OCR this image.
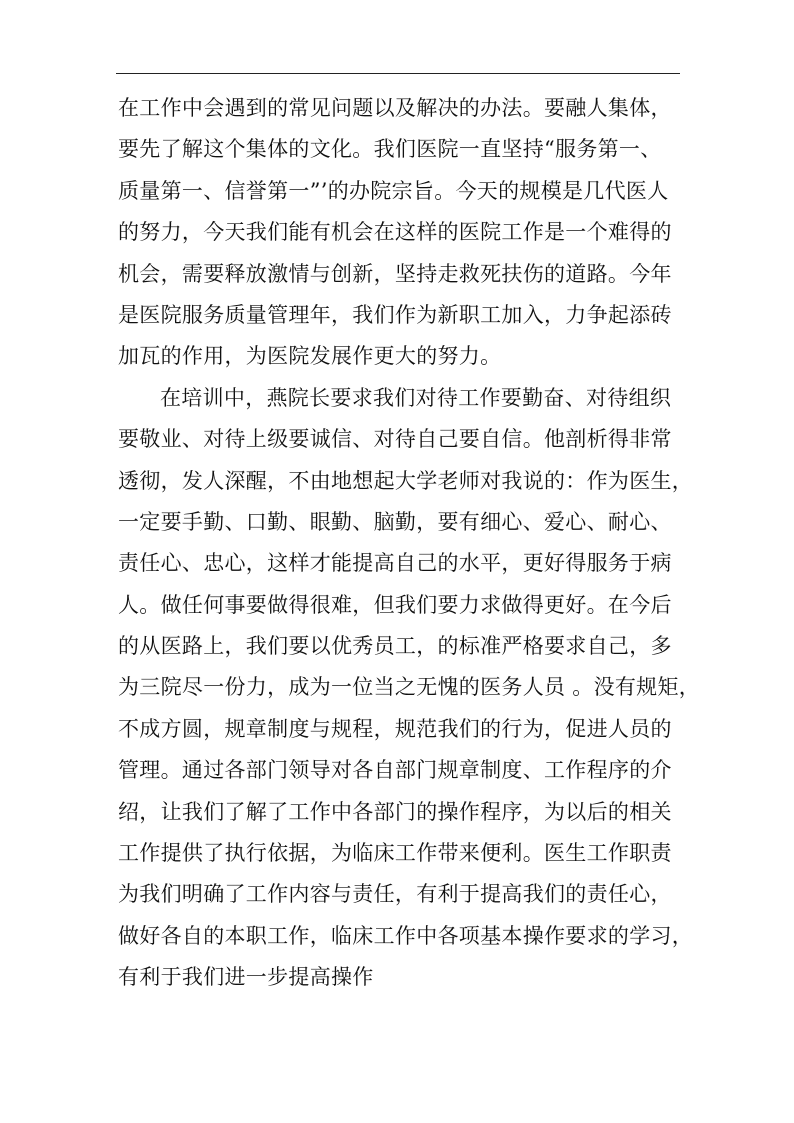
在工作中会遇到的常见问题以及解决的办法。要融人集体，
要先了解这个集体的文化。我们医院一直坚持“服务第一、
质量第一、信誉第一”’的办院宗旨。今天的规模是几代医人
的努力，今天我们能有机会在这样的医院工作是一个难得的
机会，需要释放激情与创新，坚持走救死扶伤的道路。今年
是医院服务质量管理年，我们作为新职工加入，力争起添砖
加瓦的作用，为医院发展作更大的努力。
在培训中，燕院长要求我们对待工作要勤奋、对待组织
要敬业、对待上级要诚信、对待自己要自信。他剖析得非常
透彻，发人深醒，不由地想起大学老师对我说的：作为医生，
一定要手勤、口勤、眼勤、脑勤，要有细心、爱心、耐心、
责任心、忠心，这样才能提高自己的水平，更好得服务于病
人。做任何事要做得很难，但我们要力求做得更好。在今后
的从医路上，我们要以优秀员工，的标准严格要求自己，多
为三院尽一份力，成为一位当之无愧的医务人员 。没有规矩，
不成方圆，规章制度与规程，规范我们的行为，促进人员的
管理。通过各部门领导对各自部门规章制度、工作程序的介
绍，让我们了解了工作中各部门的操作程序，为以后的相关
工作提供了执行依据，为临床工作带来便利。医生工作职责
为我们明确了工作内容与责任，有利于提高我们的责任心，
做好各自的本职工作，临床工作中各项基本操作要求的学习，
有利于我们进一步提高操作
